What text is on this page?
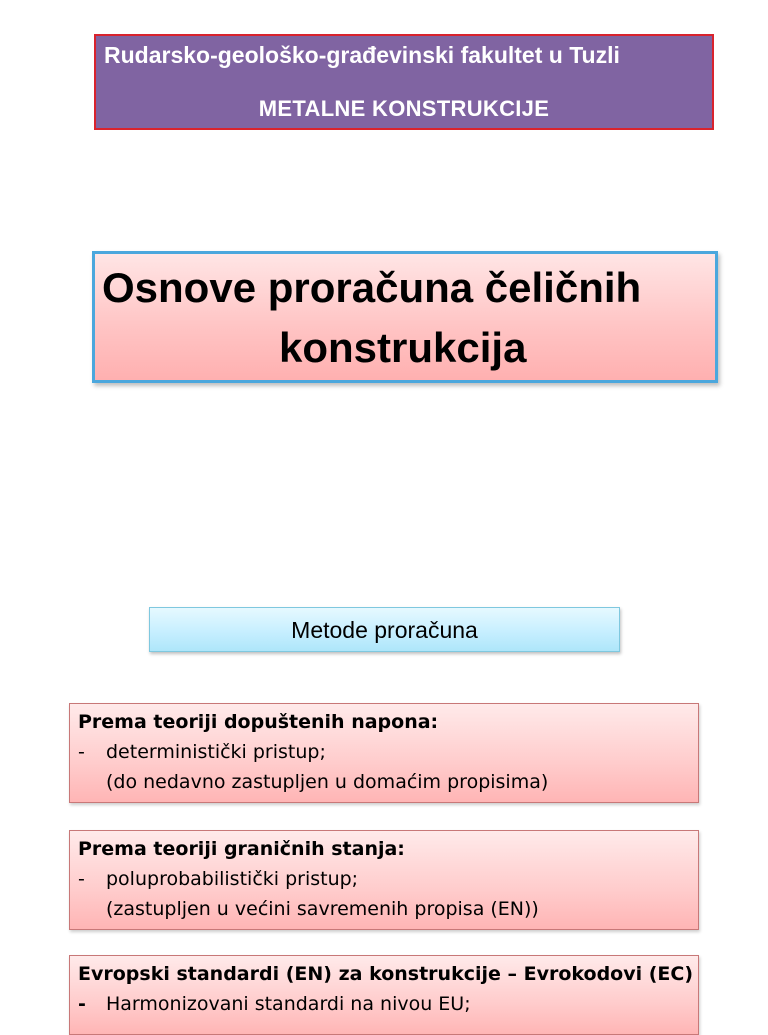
Rudarsko-geološko-građevinski fakultet u Tuzli
METALNE KONSTRUKCIJE
Osnove proračuna čeličnih
konstrukcija
Metode proračuna
Prema teoriji dopuštenih napona:
- deterministički pristup;
(do nedavno zastupljen u domaćim propisima)
Prema teoriji graničnih stanja:
- poluprobabilistički pristup;
(zastupljen u većini savremenih propisa (EN))
Evropski standardi (EN) za konstrukcije – Evrokodovi (EC)
- Harmonizovani standardi na nivou EU;
